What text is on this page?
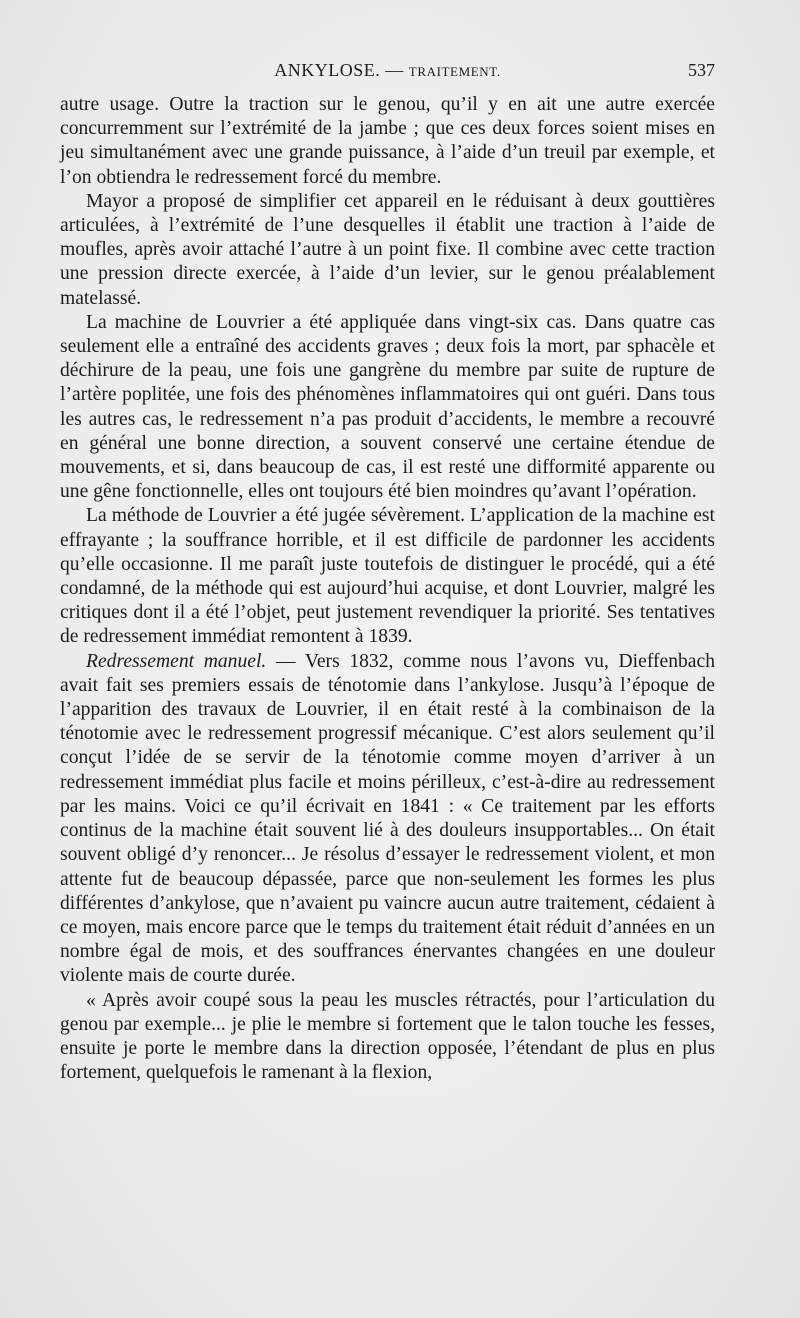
ANKYLOSE. — TRAITEMENT.	537

autre usage. Outre la traction sur le genou, qu’il y en ait une autre exercée concurremment sur l’extrémité de la jambe ; que ces deux forces soient mises en jeu simultanément avec une grande puissance, à l’aide d’un treuil par exemple, et l’on obtiendra le redressement forcé du membre.

Mayor a proposé de simplifier cet appareil en le réduisant à deux gouttières articulées, à l’extrémité de l’une desquelles il établit une traction à l’aide de moufles, après avoir attaché l’autre à un point fixe. Il combine avec cette traction une pression directe exercée, à l’aide d’un levier, sur le genou préalablement matelassé.

La machine de Louvrier a été appliquée dans vingt-six cas. Dans quatre cas seulement elle a entraîné des accidents graves ; deux fois la mort, par sphacèle et déchirure de la peau, une fois une gangrène du membre par suite de rupture de l’artère poplitée, une fois des phénomènes inflammatoires qui ont guéri. Dans tous les autres cas, le redressement n’a pas produit d’accidents, le membre a recouvré en général une bonne direction, a souvent conservé une certaine étendue de mouvements, et si, dans beaucoup de cas, il est resté une difformité apparente ou une gêne fonctionnelle, elles ont toujours été bien moindres qu’avant l’opération.

La méthode de Louvrier a été jugée sévèrement. L’application de la machine est effrayante ; la souffrance horrible, et il est difficile de pardonner les accidents qu’elle occasionne. Il me paraît juste toutefois de distinguer le procédé, qui a été condamné, de la méthode qui est aujourd’hui acquise, et dont Louvrier, malgré les critiques dont il a été l’objet, peut justement revendiquer la priorité. Ses tentatives de redressement immédiat remontent à 1839.

Redressement manuel. — Vers 1832, comme nous l’avons vu, Dieffenbach avait fait ses premiers essais de ténotomie dans l’ankylose. Jusqu’à l’époque de l’apparition des travaux de Louvrier, il en était resté à la combinaison de la ténotomie avec le redressement progressif mécanique. C’est alors seulement qu’il conçut l’idée de se servir de la ténotomie comme moyen d’arriver à un redressement immédiat plus facile et moins périlleux, c’est-à-dire au redressement par les mains. Voici ce qu’il écrivait en 1841 : « Ce traitement par les efforts continus de la machine était souvent lié à des douleurs insupportables... On était souvent obligé d’y renoncer... Je résolus d’essayer le redressement violent, et mon attente fut de beaucoup dépassée, parce que non-seulement les formes les plus différentes d’ankylose, que n’avaient pu vaincre aucun autre traitement, cédaient à ce moyen, mais encore parce que le temps du traitement était réduit d’années en un nombre égal de mois, et des souffrances énervantes changées en une douleur violente mais de courte durée.

« Après avoir coupé sous la peau les muscles rétractés, pour l’articulation du genou par exemple... je plie le membre si fortement que le talon touche les fesses, ensuite je porte le membre dans la direction opposée, l’étendant de plus en plus fortement, quelquefois le ramenant à la flexion,
